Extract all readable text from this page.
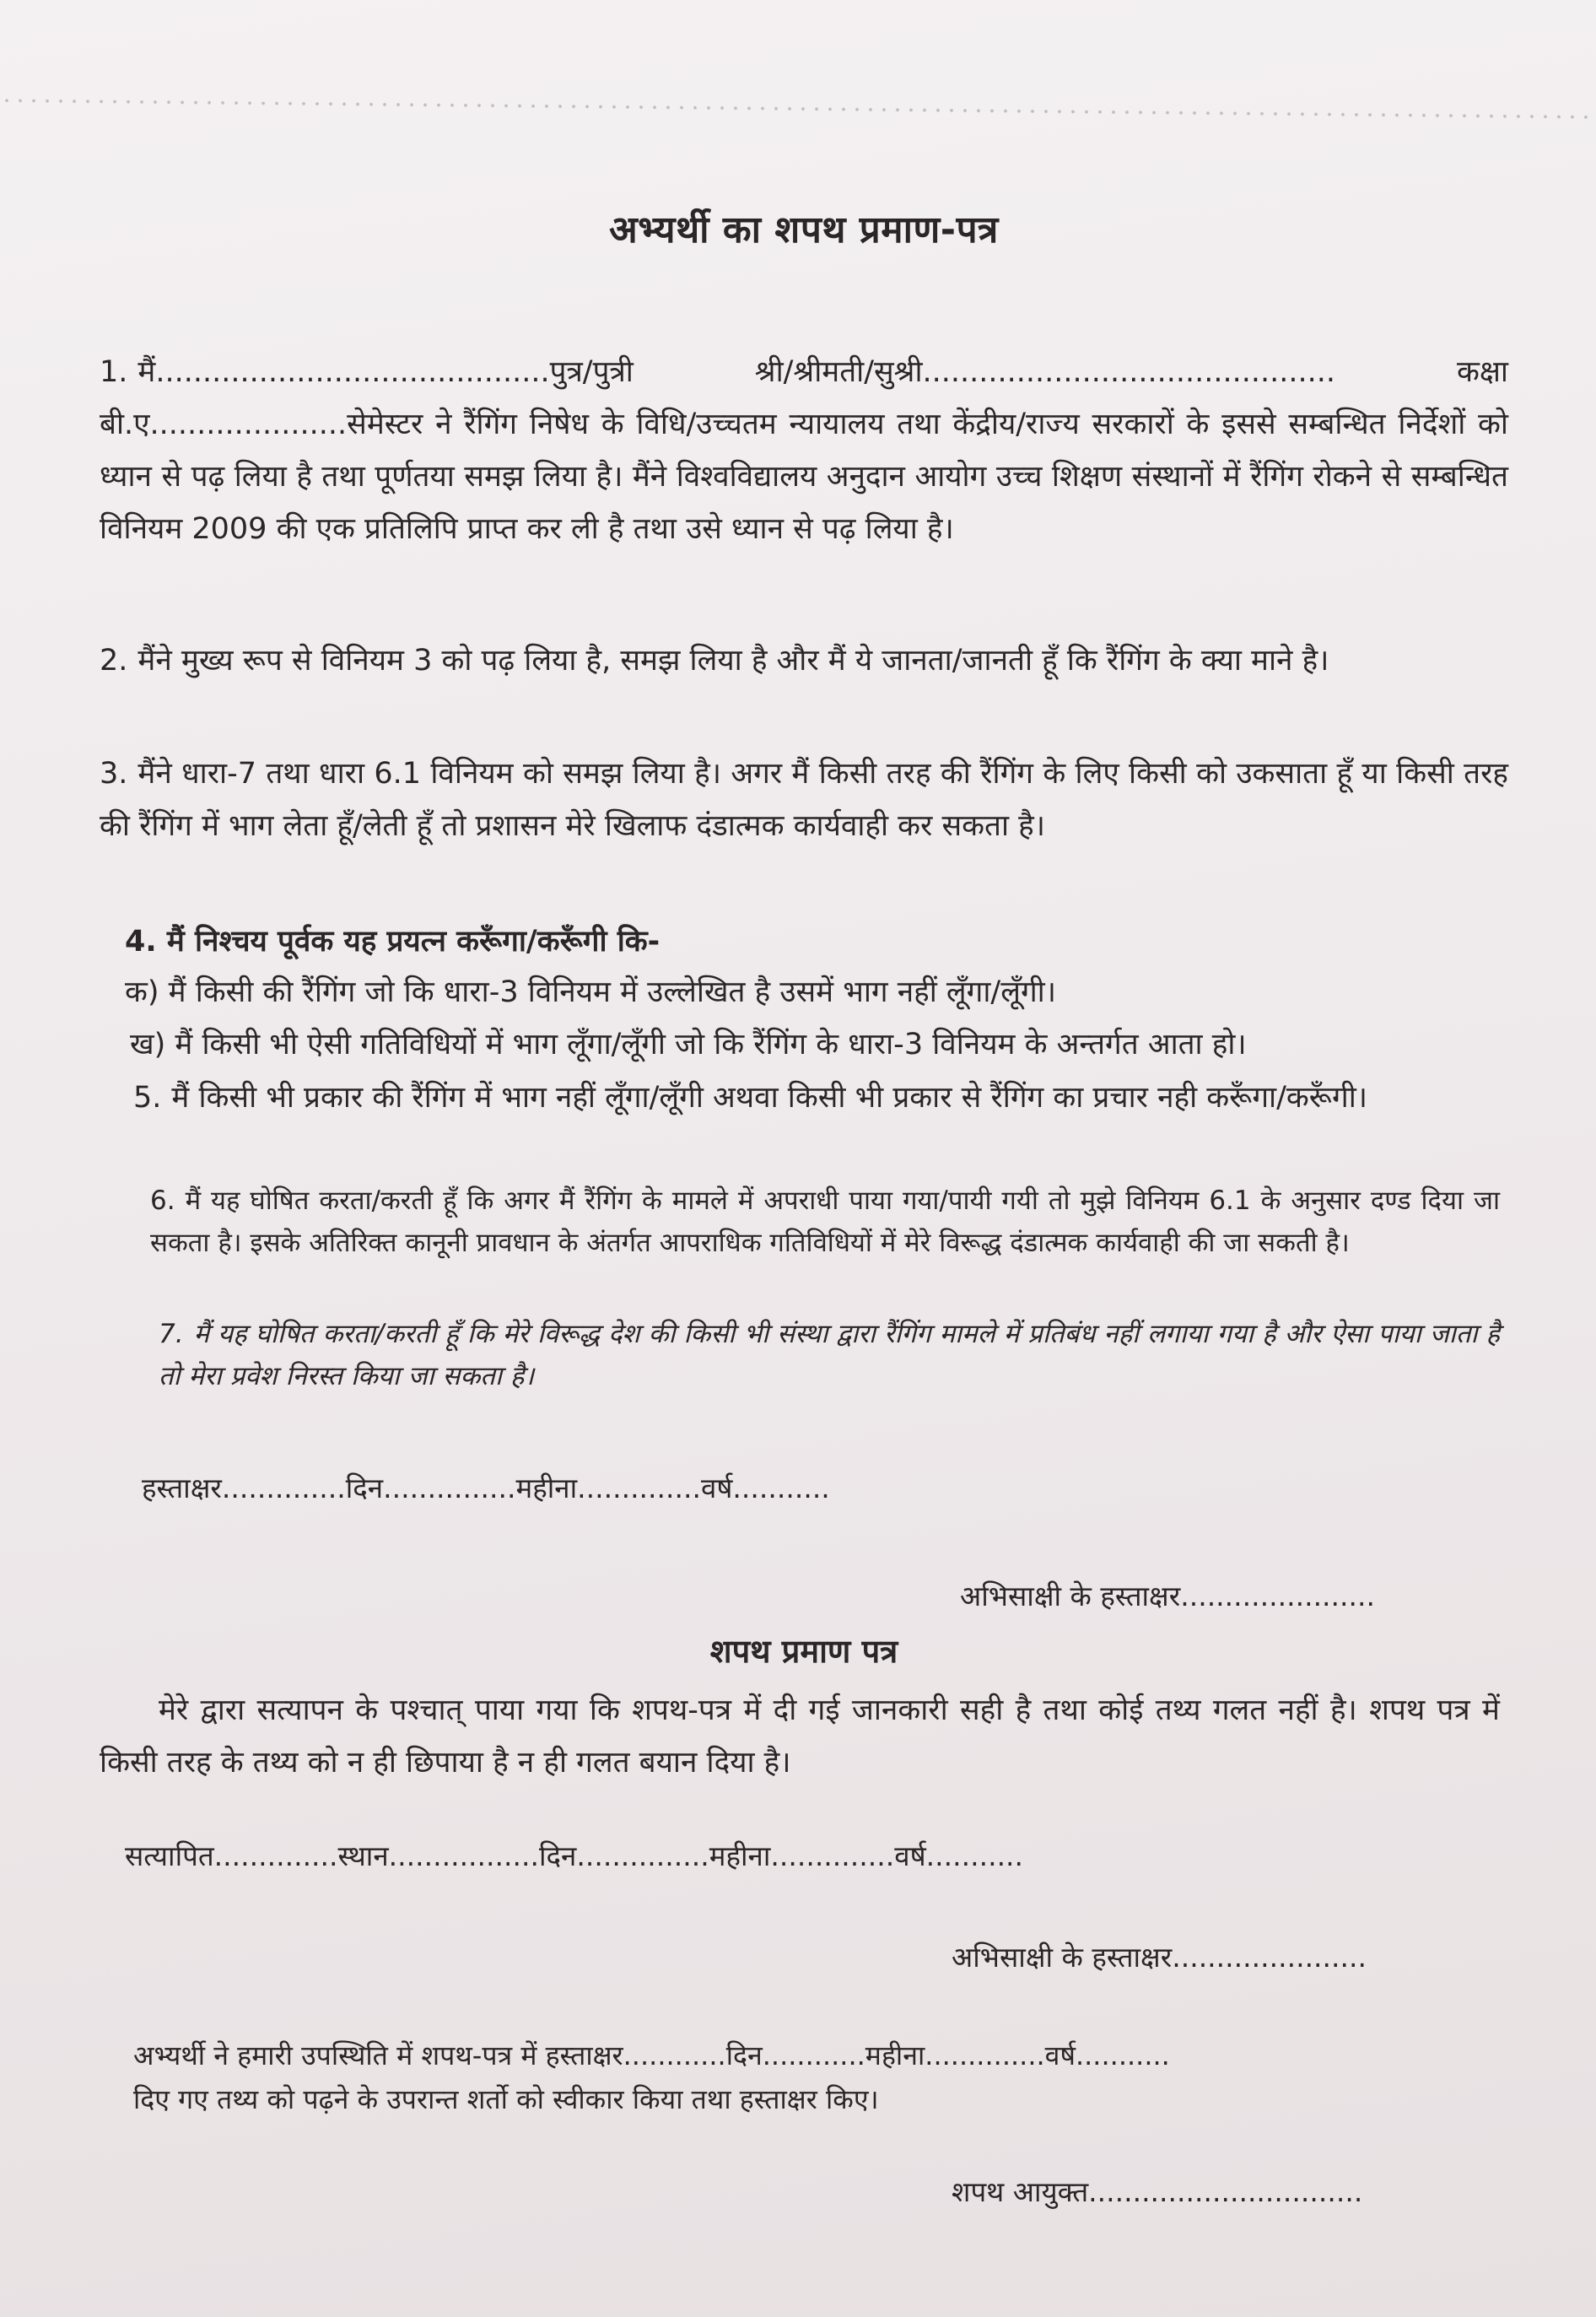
अभ्यर्थी का शपथ प्रमाण-पत्र
1. मैं..........................................पुत्र/पुत्री श्री/श्रीमती/सुश्री............................................ कक्षा बी.ए.....................सेमेस्टर ने रैंगिंग निषेध के विधि/उच्चतम न्यायालय तथा केंद्रीय/राज्य सरकारों के इससे सम्बन्धित निर्देशों को ध्यान से पढ़ लिया है तथा पूर्णतया समझ लिया है। मैंने विश्वविद्यालय अनुदान आयोग उच्च शिक्षण संस्थानों में रैंगिंग रोकने से सम्बन्धित विनियम 2009 की एक प्रतिलिपि प्राप्त कर ली है तथा उसे ध्यान से पढ़ लिया है।
2. मैंने मुख्य रूप से विनियम 3 को पढ़ लिया है, समझ लिया है और मैं ये जानता/जानती हूँ कि रैंगिंग के क्या माने है।
3. मैंने धारा-7 तथा धारा 6.1 विनियम को समझ लिया है। अगर मैं किसी तरह की रैंगिंग के लिए किसी को उकसाता हूँ या किसी तरह की रैंगिंग में भाग लेता हूँ/लेती हूँ तो प्रशासन मेरे खिलाफ दंडात्मक कार्यवाही कर सकता है।
4. मैं निश्चय पूर्वक यह प्रयत्न करूँगा/करूँगी कि-
क) मैं किसी की रैंगिंग जो कि धारा-3 विनियम में उल्लेखित है उसमें भाग नहीं लूँगा/लूँगी।
ख) मैं किसी भी ऐसी गतिविधियों में भाग लूँगा/लूँगी जो कि रैंगिंग के धारा-3 विनियम के अन्तर्गत आता हो।
5. मैं किसी भी प्रकार की रैंगिंग में भाग नहीं लूँगा/लूँगी अथवा किसी भी प्रकार से रैंगिंग का प्रचार नही करूँगा/करूँगी।
6. मैं यह घोषित करता/करती हूँ कि अगर मैं रैंगिंग के मामले में अपराधी पाया गया/पायी गयी तो मुझे विनियम 6.1 के अनुसार दण्ड दिया जा सकता है। इसके अतिरिक्त कानूनी प्रावधान के अंतर्गत आपराधिक गतिविधियों में मेरे विरूद्ध दंडात्मक कार्यवाही की जा सकती है।
7. मैं यह घोषित करता/करती हूँ कि मेरे विरूद्ध देश की किसी भी संस्था द्वारा रैंगिंग मामले में प्रतिबंध नहीं लगाया गया है और ऐसा पाया जाता है तो मेरा प्रवेश निरस्त किया जा सकता है।
हस्ताक्षर..............दिन...............महीना..............वर्ष...........
अभिसाक्षी के हस्ताक्षर......................
शपथ प्रमाण पत्र
मेरे द्वारा सत्यापन के पश्चात् पाया गया कि शपथ-पत्र में दी गई जानकारी सही है तथा कोई तथ्य गलत नहीं है। शपथ पत्र में किसी तरह के तथ्य को न ही छिपाया है न ही गलत बयान दिया है।
सत्यापित..............स्थान.................दिन...............महीना..............वर्ष...........
अभिसाक्षी के हस्ताक्षर......................
अभ्यर्थी ने हमारी उपस्थिति में शपथ-पत्र में हस्ताक्षर............दिन............महीना..............वर्ष...........
दिए गए तथ्य को पढ़ने के उपरान्त शर्तो को स्वीकार किया तथा हस्ताक्षर किए।
शपथ आयुक्त...............................
